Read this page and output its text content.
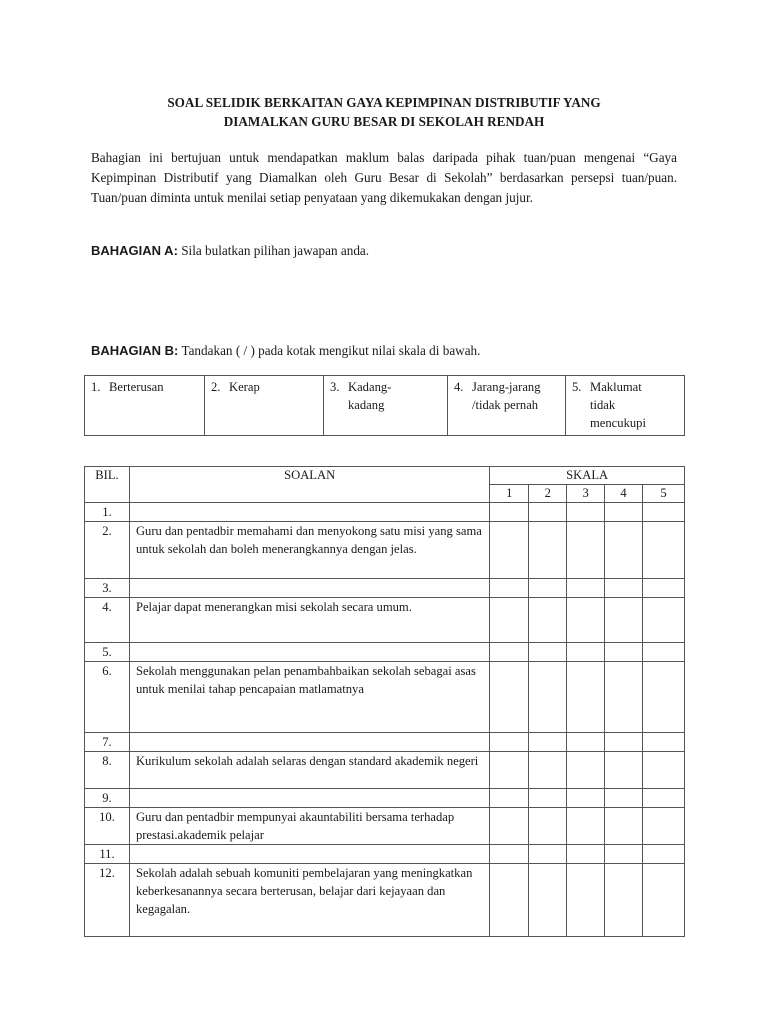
SOAL SELIDIK BERKAITAN GAYA KEPIMPINAN DISTRIBUTIF YANG
DIAMALKAN GURU BESAR DI SEKOLAH RENDAH
Bahagian ini bertujuan untuk mendapatkan maklum balas daripada pihak tuan/puan mengenai “Gaya Kepimpinan Distributif yang Diamalkan oleh Guru Besar di Sekolah” berdasarkan persepsi tuan/puan. Tuan/puan diminta untuk menilai setiap penyataan yang dikemukakan dengan jujur.
BAHAGIAN A: Sila bulatkan pilihan jawapan anda.
BAHAGIAN B: Tandakan ( / ) pada kotak mengikut nilai skala di bawah.
1. Berterusan	2. Kerap	3. Kadang-kadang	4. Jarang-jarang /tidak pernah	5. Maklumat tidak mencukupi
BIL.	SOALAN	SKALA				
		1	2	3	4	5
1.						
2.	Guru dan pentadbir memahami dan menyokong satu misi yang sama untuk sekolah dan boleh menerangkannya dengan jelas.					
3.						
4.	Pelajar dapat menerangkan misi sekolah secara umum.					
5.						
6.	Sekolah menggunakan pelan penambahbaikan sekolah sebagai asas untuk menilai tahap pencapaian matlamatnya					
7.						
8.	Kurikulum sekolah adalah selaras dengan standard akademik negeri					
9.						
10.	Guru dan pentadbir mempunyai akauntabiliti bersama terhadap prestasi.akademik pelajar					
11.						
12.	Sekolah adalah sebuah komuniti pembelajaran yang meningkatkan keberkesanannya secara berterusan, belajar dari kejayaan dan kegagalan.					
